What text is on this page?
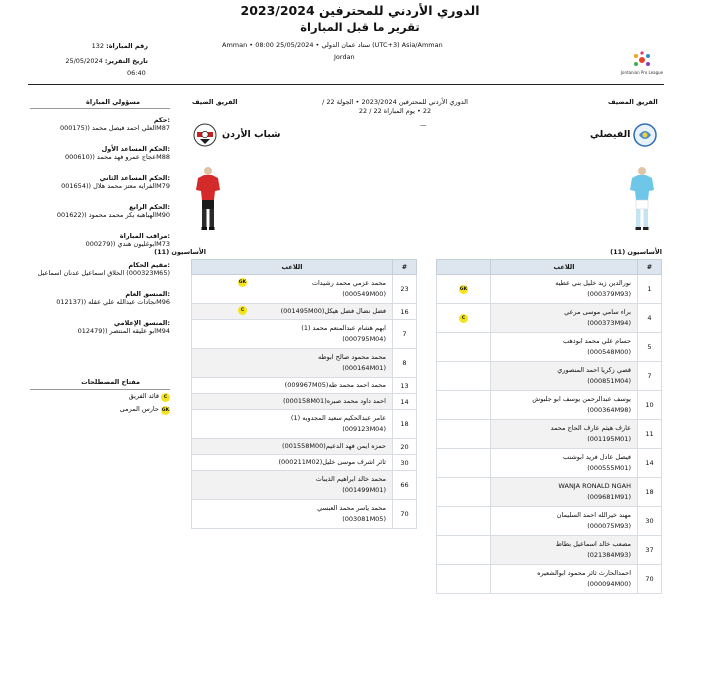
الدوري الأردني للمحترفين 2023/2024
تقرير ما قبل المباراة
Jordanian Pro League
رقم المباراة: 132
تاريخ التقرير: 25/05/2024
06:40
Amman •	ستاد عمان الدولي • 25/05/2024 08:00 (UTC+3) Asia/Amman
Jordan
مسؤولي المباراة
حكم:
العلي احمد فيصل محمد ((000175M87
الحكم المساعد الأول:
عجاج عمرو فهد محمد ((000610M88
الحكم المساعد الثاني:
الفرايه معتز محمد هلال ((001654M79
الحكم الرابع:
الهباهبه بكر محمد محمود ((001622M90
مراقب المباراة:
ابوغليون هندي ((000279M73
مقيم الحكام:
الحلاق اسماعيل عدنان اسماعيل (000323M65)
المنسق العام:
نجادات عبدالله علي عقله ((012137M96
المنسق الإعلامي:
ابو عليقه المنتصر ((012479M94
مفتاح المصطلحات
C قائد الفريق
GK حارس المرمى
الفريق المضيف
الفريق الضيف	الدوري الأردني للمحترفين 2023/2024 • الجولة 22 / 22 • يوم المباراة 22 / 22
—
الفيصلي
شباب الأردن
الأساسيون (11)
الأساسيون (11)
	اللاعب	#
GK	نورالدين زيد خليل بني عطيه
(000379M93)	1
C	براء سامي موسى مرعي
(000373M94)	4

	حسام علي محمد ابوذهب
(000548M00)	5

	قصي زكريا احمد المنصوري
(000851M04)	7

	يوسف عبدالرحمن يوسف ابو جلبوش
(000364M98)	10

	عارف هيثم عارف الحاج محمد
(001195M01)	11

	فيصل عادل فريد ابوشنب
(000555M01)	14

	WANJA RONALD NGAH
(009681M91)	18

	مهند خيرالله احمد السليمان
(000075M93)	30

	مصعب خالد اسماعيل بطاط
(021384M93)	37

	احمدالحارث ثائر محمود ابوالشعيره
(000094M00)	70
اللاعب	#

GK محمد عزمي محمد رشيدات
(000549M00)	23

C فضل نضال فضل هيكل(001495M00)	16

ابهم هشام عبدالمنعم محمد (1)
(000795M04)	7

محمد محمود صالح ابوطه
(000164M01)	8

محمد احمد محمد طه(009967M05)	13

احمد داود محمد صبره(000158M01)	14

عامر عبدالحكيم سعيد المجدوبه (1)
(009123M04)	18

حمزه ايمن فهد الدعيم(001558M00)	20

ثائر اشرف موسى خليل(000211M02)	30

محمد خالد ابراهيم الذيبات
(001499M01)	66

محمد ياسر محمد العبسي
(003081M05)	70
